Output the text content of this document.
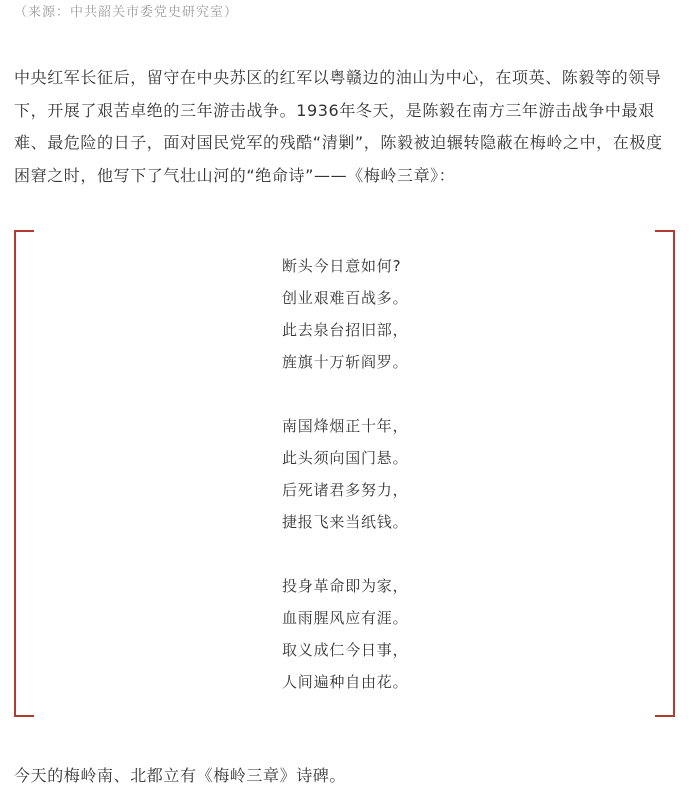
（来源：中共韶关市委党史研究室）

中央红军长征后，留守在中央苏区的红军以粤赣边的油山为中心，在项英、陈毅等的领导下，开展了艰苦卓绝的三年游击战争。1936年冬天，是陈毅在南方三年游击战争中最艰难、最危险的日子，面对国民党军的残酷“清剿”，陈毅被迫辗转隐蔽在梅岭之中，在极度困窘之时，他写下了气壮山河的“绝命诗”——《梅岭三章》：

断头今日意如何?
创业艰难百战多。
此去泉台招旧部，
旌旗十万斩阎罗。
南国烽烟正十年，
此头须向国门悬。
后死诸君多努力，
捷报飞来当纸钱。
投身革命即为家，
血雨腥风应有涯。
取义成仁今日事，
人间遍种自由花。
今天的梅岭南、北都立有《梅岭三章》诗碑。
